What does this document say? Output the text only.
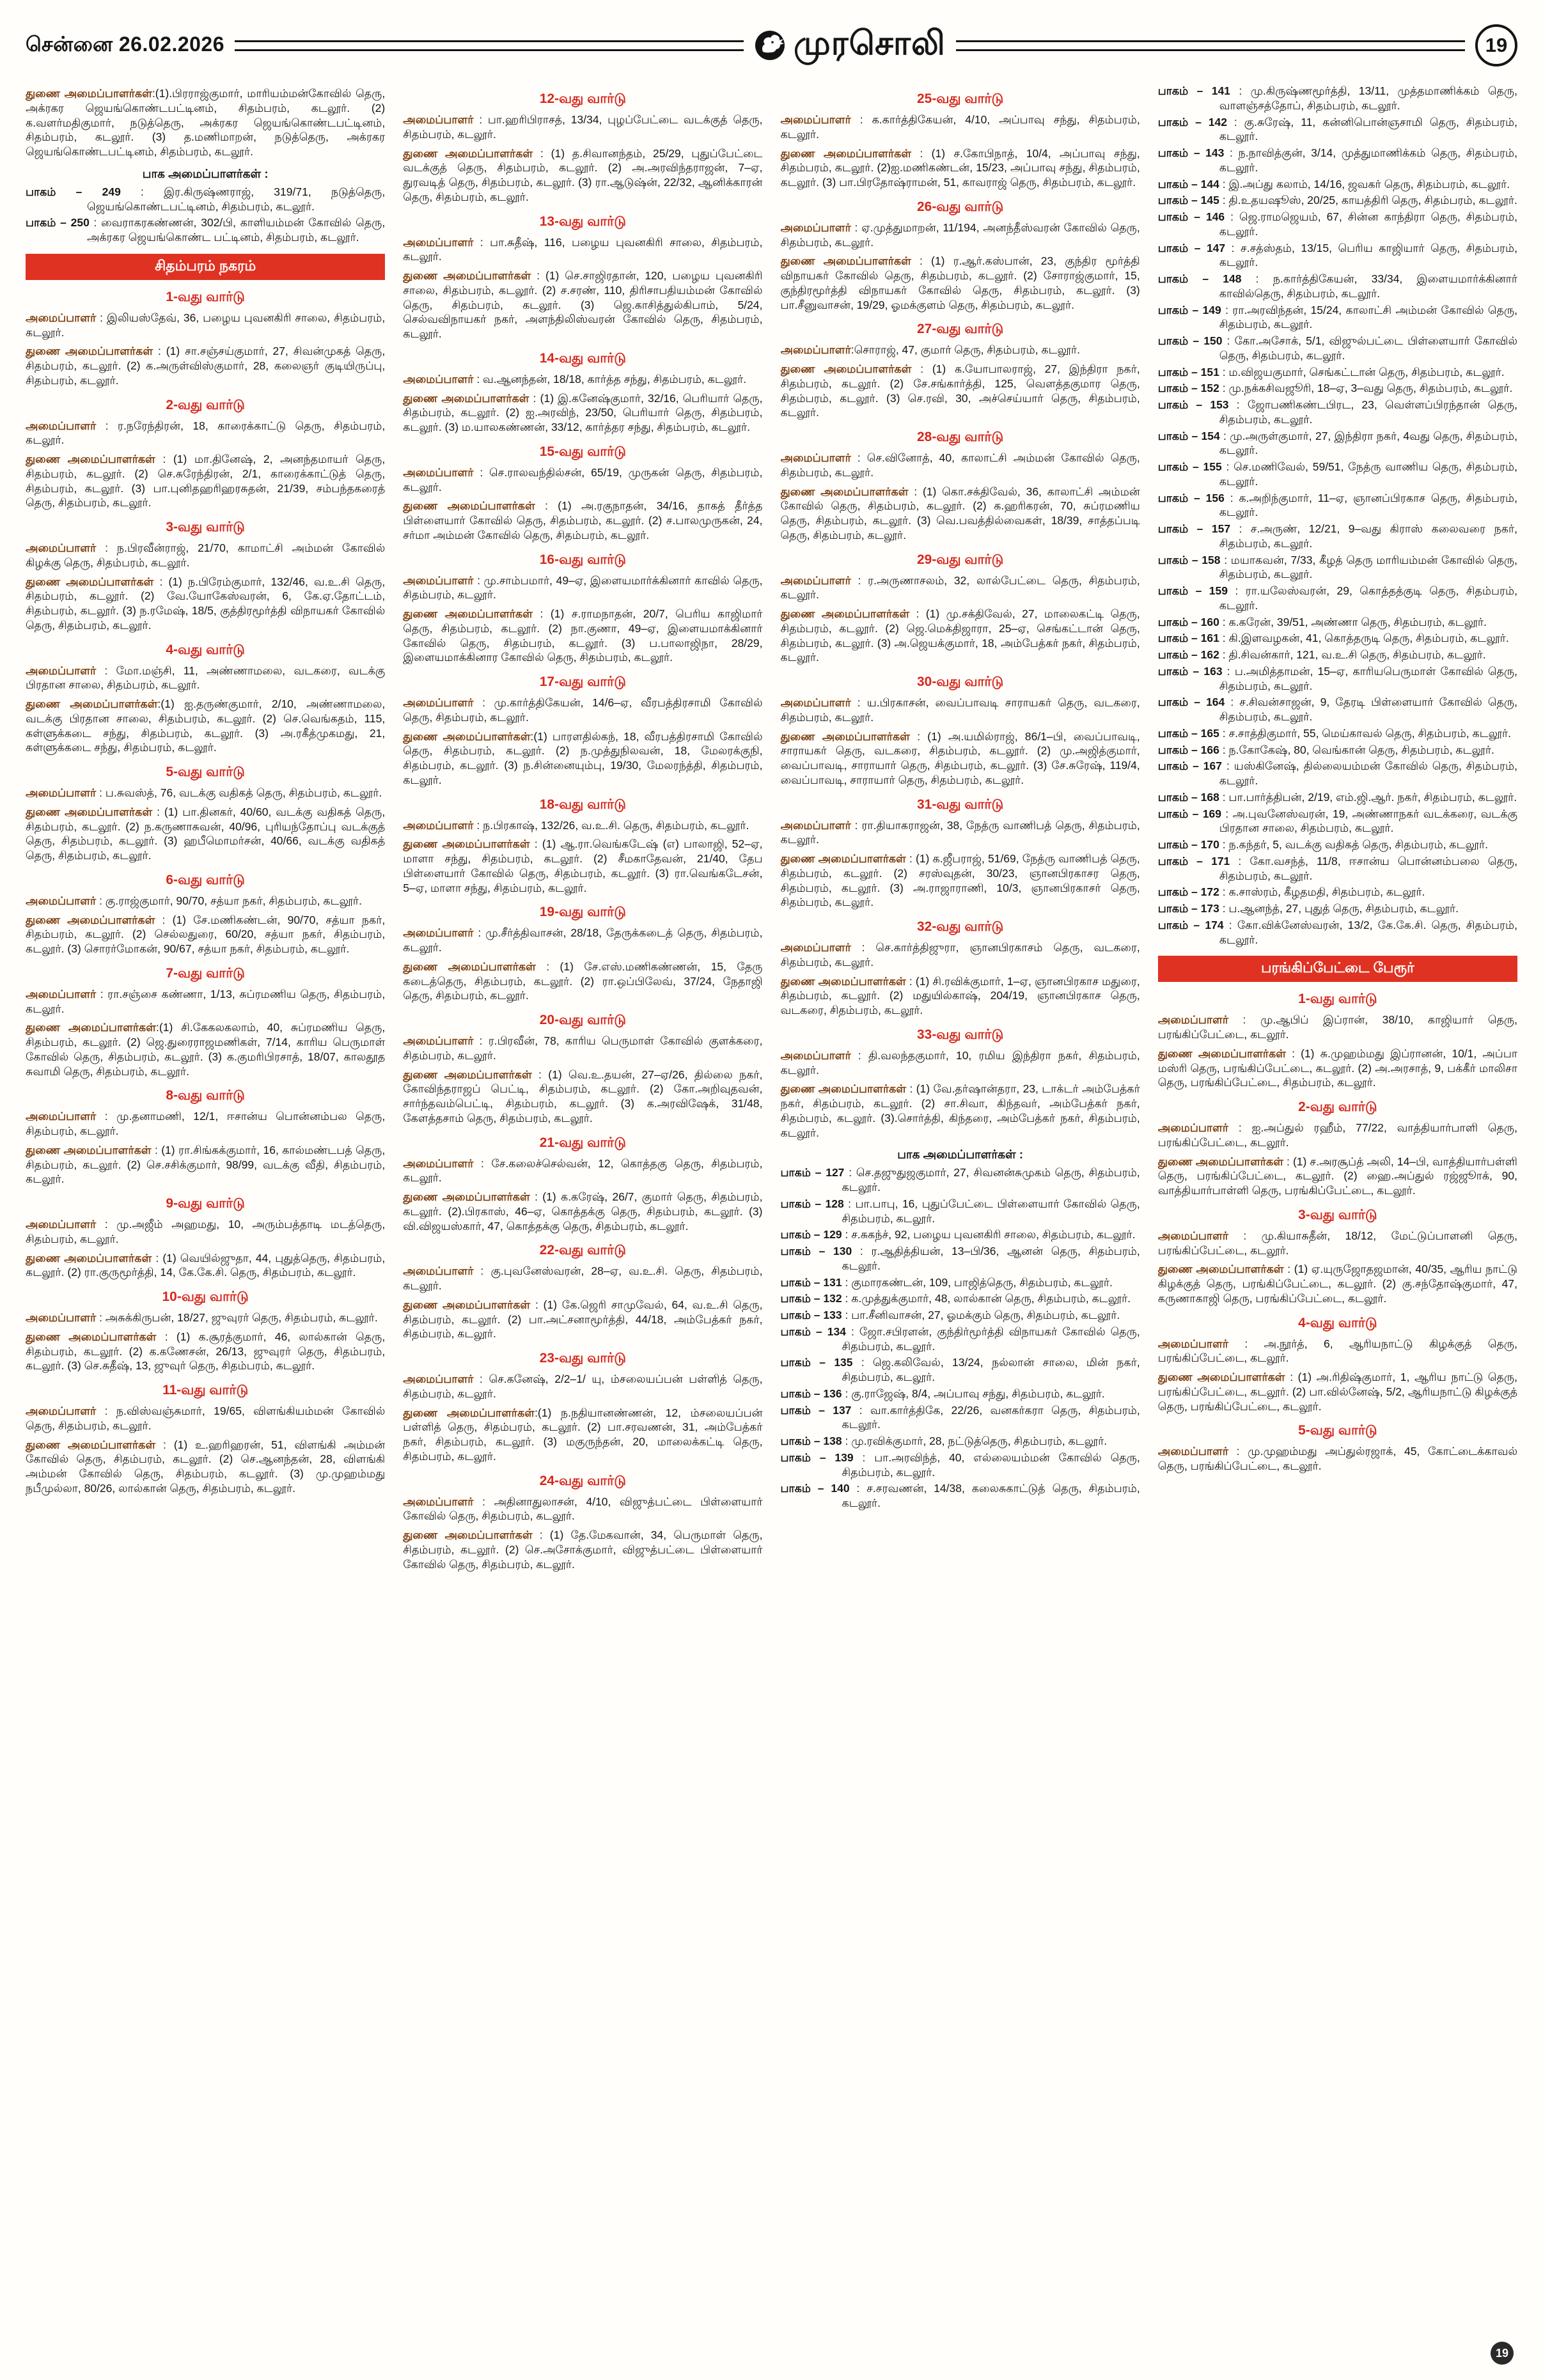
சென்னை 26.02.2026	முரசொலி	19

துணை அமைப்பாளர்கள்:(1).பிரராஜ்குமார், மாரியம்மன்கோவில் தெரு, அக்ரகர ஜெயங்கொண்டபட்டினம், சிதம்பரம், கடலூர். (2) க.வளர்மதிகுமார், நடுத்தெரு, அக்ரகர ஜெயங்கொண்டபட்டினம், சிதம்பரம், கடலூர். (3) த.மணிமாறன், நடுத்தெரு, அக்ரகர ஜெயங்கொண்டபட்டினம், சிதம்பரம், கடலூர்.

பாக அமைப்பாளர்கள் :

பாகம் – 249 : இர.கிருஷ்ணராஜ், 319/71, நடுத்தெரு, ஜெயங்கொண்டபட்டினம், சிதம்பரம், கடலூர்.

பாகம் – 250 : வைராகரகண்ணன், 302/பி, காளியம்மன் கோவில் தெரு, அக்ரகர ஜெயங்கொண்ட பட்டினம், சிதம்பரம், கடலூர்.

சிதம்பரம் நகரம்
1-வது வார்டு

அமைப்பாளர் : இலியஸ்தேவ், 36, பழைய புவனகிரி சாலை, சிதம்பரம், கடலூர்.

துணை அமைப்பாளர்கள் : (1) சா.சஞ்சய்குமார், 27, சிவன்முகத் தெரு, சிதம்பரம், கடலூர். (2) க.அருள்விஸ்குமார், 28, கலைஞர் குடியிருப்பு, சிதம்பரம், கடலூர்.

2-வது வார்டு

அமைப்பாளர் : ர.நரேந்திரன், 18, காரைக்காட்டு தெரு, சிதம்பரம், கடலூர்.

துணை அமைப்பாளர்கள் : (1) மா.தினேஷ், 2, அனந்தமாயர் தெரு, சிதம்பரம், கடலூர். (2) செ.சுரேந்திரன், 2/1, காரைக்காட்டுத் தெரு, சிதம்பரம், கடலூர். (3) பா.புனிதஹரிஹரசுதன், 21/39, சம்பந்தகரைத் தெரு, சிதம்பரம், கடலூர்.

3-வது வார்டு

அமைப்பாளர் : ந.பிரவீன்ராஜ், 21/70, காமாட்சி அம்மன் கோவில் கிழக்கு தெரு, சிதம்பரம், கடலூர்.

துணை அமைப்பாளர்கள் : (1) ந.பிரேம்குமார், 132/46, வ.உ.சி தெரு, சிதம்பரம், கடலூர். (2) வே.யோகேஸ்வரன், 6, கே.ஏ.தோட்டம், சிதம்பரம், கடலூர். (3) ந.ரமேஷ், 18/5, குத்திரமூர்த்தி விநாயகர் கோவில் தெரு, சிதம்பரம், கடலூர்.

4-வது வார்டு

அமைப்பாளர் : மோ.மஞ்சி, 11, அண்ணாமலை, வடகரை, வடக்கு பிரதான சாலை, சிதம்பரம், கடலூர்.

துணை அமைப்பாளர்கள்:(1) ஐ.தருண்குமார், 2/10, அண்ணாமலை, வடக்கு பிரதான சாலை, சிதம்பரம், கடலூர். (2) செ.வெங்கதம், 115, கள்ளுக்கடை சந்து, சிதம்பரம், கடலூர். (3) அ.ரகீத்முகமது, 21, கள்ளுக்கடை சந்து, சிதம்பரம், கடலூர்.

5-வது வார்டு

அமைப்பாளர் : ப.சுவஸ்த், 76, வடக்கு வதிகத் தெரு, சிதம்பரம், கடலூர்.

துணை அமைப்பாளர்கள் : (1) பா.தினகர், 40/60, வடக்கு வதிகத் தெரு, சிதம்பரம், கடலூர். (2) ந.கருணாசுவன், 40/96, புரியந்தோப்பு வடக்குத் தெரு, சிதம்பரம், கடலூர். (3) ஹபீமொமர்சன், 40/66, வடக்கு வதிகத் தெரு, சிதம்பரம், கடலூர்.

6-வது வார்டு

அமைப்பாளர் : கு.ராஜ்குமார், 90/70, சத்யா நகர், சிதம்பரம், கடலூர்.

துணை அமைப்பாளர்கள் : (1) சே.மணிகண்டன், 90/70, சத்யா நகர், சிதம்பரம், கடலூர். (2) செல்லதுரை, 60/20, சத்யா நகர், சிதம்பரம், கடலூர். (3) சொரர்மோகன், 90/67, சத்யா நகர், சிதம்பரம், கடலூர்.

7-வது வார்டு

அமைப்பாளர் : ரா.சஞ்சை கண்ணா, 1/13, சுப்ரமணிய தெரு, சிதம்பரம், கடலூர்.

துணை அமைப்பாளர்கள்:(1) சி.கேகலகலாம், 40, சுப்ரமணிய தெரு, சிதம்பரம், கடலூர். (2) ஜெ.துரைராஜமணிகள், 7/14, காரிய பெருமாள் கோவில் தெரு, சிதம்பரம், கடலூர். (3) க.குமரிபிரசாத், 18/07, காலதூத சுவாமி தெரு, சிதம்பரம், கடலூர்.

8-வது வார்டு

அமைப்பாளர் : மு.தனாமணி, 12/1, ஈசான்ய பொன்னம்பல தெரு, சிதம்பரம், கடலூர்.

துணை அமைப்பாளர்கள் : (1) ரா.சிங்கக்குமார், 16, கால்மண்டபத் தெரு, சிதம்பரம், கடலூர். (2) செ.சசிக்குமார், 98/99, வடக்கு வீதி, சிதம்பரம், கடலூர்.

9-வது வார்டு

அமைப்பாளர் : மு.அஜீம் அஹமது, 10, அரும்பத்தாடி மடத்தெரு, சிதம்பரம், கடலூர்.

துணை அமைப்பாளர்கள் : (1) வெயில்ஜுதா, 44, புதுத்தெரு, சிதம்பரம், கடலூர். (2) ரா.குருமூர்த்தி, 14, கே.கே.சி. தெரு, சிதம்பரம், கடலூர்.

10-வது வார்டு

அமைப்பாளர் : அசுக்கிருபன், 18/27, ஜுவுரர் தெரு, சிதம்பரம், கடலூர்.

துணை அமைப்பாளர்கள் : (1) க.சூரத்குமார், 46, லால்கான் தெரு, சிதம்பரம், கடலூர். (2) க.கணேசன், 26/13, ஜுவுரர் தெரு, சிதம்பரம், கடலூர். (3) செ.சுதீஷ், 13, ஜுவுர் தெரு, சிதம்பரம், கடலூர்.

11-வது வார்டு

அமைப்பாளர் : ந.விஸ்வஞ்சுமார், 19/65, விளங்கியம்மன் கோவில் தெரு, சிதம்பரம், கடலூர்.

துணை அமைப்பாளர்கள் : (1) உ.ஹரிஹரன், 51, விளங்கி அம்மன் கோவில் தெரு, சிதம்பரம், கடலூர். (2) செ.ஆனந்தன், 28, விளங்கி அம்மன் கோவில் தெரு, சிதம்பரம், கடலூர். (3) மு.முஹம்மது நபீமுல்லா, 80/26, லால்கான் தெரு, சிதம்பரம், கடலூர்.

12-வது வார்டு

அமைப்பாளர் : பா.ஹரிபிராசத், 13/34, புழப்பேட்டை வடக்குத் தெரு, சிதம்பரம், கடலூர்.

துணை அமைப்பாளர்கள் : (1) த.சிவானந்தம், 25/29, புதுப்பேட்டை வடக்குத் தெரு, சிதம்பரம், கடலூர். (2) அ.அரவிந்தராஜன், 7–ஏ, துரவடித் தெரு, சிதம்பரம், கடலூர். (3) ரா.ஆடுஷ்ன், 22/32, ஆனிக்காரன் தெரு, சிதம்பரம், கடலூர்.

13-வது வார்டு

அமைப்பாளர் : பா.சுதீஷ், 116, பழைய புவனகிரி சாலை, சிதம்பரம், கடலூர்.

துணை அமைப்பாளர்கள் : (1) செ.சாஜிரதான், 120, பழைய புவனகிரி சாலை, சிதம்பரம், கடலூர். (2) ச.சரண், 110, திரிசாபதியம்மன் கோவில் தெரு, சிதம்பரம், கடலூர். (3) ஜெ.காசித்துல்கிபாம், 5/24, செல்வவிநாயகர் நகர், அளந்திலிஸ்வரன் கோவில் தெரு, சிதம்பரம், கடலூர்.

14-வது வார்டு

அமைப்பாளர் : வ.ஆனந்தன், 18/18, கார்த்த சந்து, சிதம்பரம், கடலூர்.

துணை அமைப்பாளர்கள் : (1) இ.கனேஷ்குமார், 32/16, பெரியார் தெரு, சிதம்பரம், கடலூர். (2) ஐ.அரவிந், 23/50, பெரியார் தெரு, சிதம்பரம், கடலூர். (3) ம.யாலகண்ணன், 33/12, கார்த்தர சந்து, சிதம்பரம், கடலூர்.

15-வது வார்டு

அமைப்பாளர் : செ.ராலவந்தில்சன், 65/19, முருகன் தெரு, சிதம்பரம், கடலூர்.

துணை அமைப்பாளர்கள் : (1) அ.ரகுநாதன், 34/16, தாகத் தீர்த்த பிள்ளையார் கோவில் தெரு, சிதம்பரம், கடலூர். (2) ச.பாலமுருகன், 24, சர்மா அம்மன் கோவில் தெரு, சிதம்பரம், கடலூர்.

16-வது வார்டு

அமைப்பாளர் : மு.சாம்பமார், 49–ஏ, இளையமார்க்கினார் காவில் தெரு, சிதம்பரம், கடலூர்.

துணை அமைப்பாளர்கள் : (1) ச.ராமநாதன், 20/7, பெரிய காஜிமார் தெரு, சிதம்பரம், கடலூர். (2) நா.குணா, 49–ஏ, இளையமாக்கினார் கோவில் தெரு, சிதம்பரம், கடலூர். (3) ப.பாலாஜிநா, 28/29, இளையமாக்கினார கோவில் தெரு, சிதம்பரம், கடலூர்.

17-வது வார்டு

அமைப்பாளர் : மு.கார்த்திகேயன், 14/6–ஏ, வீரபத்திரசாமி கோவில் தெரு, சிதம்பரம், கடலூர்.

துணை அமைப்பாளர்கள்:(1) பாரளதில்கந், 18, வீரபத்திரசாமி கோவில் தெரு, சிதம்பரம், கடலூர். (2) ந.முத்துநிலவன், 18, மேலரக்குநி, சிதம்பரம், கடலூர். (3) ந.சின்னையும்பு, 19/30, மேலரந்த்தி, சிதம்பரம், கடலூர்.

18-வது வார்டு

அமைப்பாளர் : ந.பிரகாஷ், 132/26, வ.உ.சி. தெரு, சிதம்பரம், கடலூர்.

துணை அமைப்பாளர்கள் : (1) ஆ.ரா.வெங்கடேஷ் (எ) பாலாஜி, 52–ஏ, மாளா சந்து, சிதம்பரம், கடலூர். (2) சீமகாதேவன், 21/40, தேப பிள்ளையார் கோவில் தெரு, சிதம்பரம், கடலூர். (3) ரா.வெங்கடேசன், 5–ஏ, மாளா சந்து, சிதம்பரம், கடலூர்.

19-வது வார்டு

அமைப்பாளர் : மு.சீர்த்திவாசன், 28/18, தேருக்கடைத் தெரு, சிதம்பரம், கடலூர்.

துணை அமைப்பாளர்கள் : (1) சே.எஸ்.மணிகண்ணன், 15, தேரு கடைத்தெரு, சிதம்பரம், கடலூர். (2) ரா.ஒப்பிலேவ், 37/24, நேதாஜி தெரு, சிதம்பரம், கடலூர்.

20-வது வார்டு

அமைப்பாளர் : ர.பிரவீன், 78, காரிய பெருமாள் கோவில் குளக்கரை, சிதம்பரம், கடலூர்.

துணை அமைப்பாளர்கள் : (1) வெ.உ.தயன், 27–ஏ/26, தில்லை நகர், கோவிந்தராஜப் பெட்டி, சிதம்பரம், கடலூர். (2) கோ.அறிவுதவன், சார்ந்தவம்பெட்டி, சிதம்பரம், கடலூர். (3) க.அரவிஷேக், 31/48, கேளத்தசாம் தெரு, சிதம்பரம், கடலூர்.

21-வது வார்டு

அமைப்பாளர் : சே.கலைச்செல்வன், 12, கொத்தகு தெரு, சிதம்பரம், கடலூர்.

துணை அமைப்பாளர்கள் : (1) க.கரேஷ், 26/7, குமார் தெரு, சிதம்பரம், கடலூர். (2).பிரகாஸ், 46–ஏ, கொத்தக்கு தெரு, சிதம்பரம், கடலூர். (3) வி.விஜயஸ்கார், 47, கொத்தக்கு தெரு, சிதம்பரம், கடலூர்.

22-வது வார்டு

அமைப்பாளர் : கு.புவனேஸ்வரன், 28–ஏ, வ.உ.சி. தெரு, சிதம்பரம், கடலூர்.

துணை அமைப்பாளர்கள் : (1) கே.ஜெரி சாமுவேல், 64, வ.உ.சி தெரு, சிதம்பரம், கடலூர். (2) பா.அட்சனாமூர்த்தி, 44/18, அம்பேத்கர் நகர், சிதம்பரம், கடலூர்.

23-வது வார்டு

அமைப்பாளர் : செ.கனேஷ், 2/2–1/ யு, ம்சலையப்பன் பள்ளித் தெரு, சிதம்பரம், கடலூர்.

துணை அமைப்பாளர்கள்:(1) ந.நதியானண்ணன், 12, ம்சலையப்பன் பள்ளித் தெரு, சிதம்பரம், கடலூர். (2) பா.சரவணன், 31, அம்பேத்கர் நகர், சிதம்பரம், கடலூர். (3) மகுருந்தன், 20, மாலைக்கட்டி தெரு, சிதம்பரம், கடலூர்.

24-வது வார்டு

அமைப்பாளர் : அதினாதுலாசன், 4/10, விஜுத்பட்டை பிள்ளையார் கோவில் தெரு, சிதம்பரம், கடலூர்.

துணை அமைப்பாளர்கள் : (1) தே.மேகவான், 34, பெருமாள் தெரு, சிதம்பரம், கடலூர். (2) செ.அசோக்குமார், விஜுத்பட்டை பிள்ளையார் கோவில் தெரு, சிதம்பரம், கடலூர்.

25-வது வார்டு

அமைப்பாளர் : க.கார்த்திகேயன், 4/10, அப்பாவு சந்து, சிதம்பரம், கடலூர்.

துணை அமைப்பாளர்கள் : (1) ச.கோபிநாத், 10/4, அப்பாவு சந்து, சிதம்பரம், கடலூர். (2)ஐ.மணிகண்டன், 15/23, அப்பாவு சந்து, சிதம்பரம், கடலூர். (3) பா.பிரதோஷ்ராமன், 51, காவராஜ் தெரு, சிதம்பரம், கடலூர்.

26-வது வார்டு

அமைப்பாளர் : ஏ.முத்துமாறன், 11/194, அனந்தீஸ்வரன் கோவில் தெரு, சிதம்பரம், கடலூர்.

துணை அமைப்பாளர்கள் : (1) ர.ஆர்.கஸ்பான், 23, குந்திர மூர்த்தி விநாயகர் கோவில் தெரு, சிதம்பரம், கடலூர். (2) சோராஜ்குமார், 15, குந்திரமூர்த்தி விநாயகர் கோவில் தெரு, சிதம்பரம், கடலூர். (3) பா.சீனுவாசன், 19/29, ஓமக்குளம் தெரு, சிதம்பரம், கடலூர்.

27-வது வார்டு

அமைப்பாளர்:சொராஜ், 47, குமார் தெரு, சிதம்பரம், கடலூர்.

துணை அமைப்பாளர்கள் : (1) க.யோபாலராஜ், 27, இந்திரா நகர், சிதம்பரம், கடலூர். (2) சே.சங்கார்த்தி, 125, வெளத்தகுமார தெரு, சிதம்பரம், கடலூர். (3) செ.ரவி, 30, அச்செய்யார் தெரு, சிதம்பரம், கடலூர்.

28-வது வார்டு

அமைப்பாளர் : செ.வினோத், 40, காலாட்சி அம்மன் கோவில் தெரு, சிதம்பரம், கடலூர்.

துணை அமைப்பாளர்கள் : (1) கொ.சக்திவேல், 36, காலாட்சி அம்மன் கோவில் தெரு, சிதம்பரம், கடலூர். (2) க.ஹரிகரன், 70, சுப்ரமணிய தெரு, சிதம்பரம், கடலூர். (3) வெ.பவத்தில்வைகள், 18/39, சாத்தப்படி தெரு, சிதம்பரம், கடலூர்.

29-வது வார்டு

அமைப்பாளர் : ர.அருணாசலம், 32, லால்பேட்டை தெரு, சிதம்பரம், கடலூர்.

துணை அமைப்பாளர்கள் : (1) மு.சக்திவேல், 27, மாலைகட்டி தெரு, சிதம்பரம், கடலூர். (2) ஜெ.மெக்திஜாரா, 25–ஏ, செங்கட்டான் தெரு, சிதம்பரம், கடலூர். (3) அ.ஜெயக்குமார், 18, அம்பேத்கர் நகர், சிதம்பரம், கடலூர்.

30-வது வார்டு

அமைப்பாளர் : ய.பிரகாசன், வைப்பாவடி சாராயகர் தெரு, வடகரை, சிதம்பரம், கடலூர்.

துணை அமைப்பாளர்கள் : (1) அ.யமில்ராஜ், 86/1–பி, வைப்பாவடி, சாராயகர் தெரு, வடகரை, சிதம்பரம், கடலூர். (2) மு.அஜித்குமார், வைப்பாவடி, சாராயார் தெரு, சிதம்பரம், கடலூர். (3) சே.சுரேஷ், 119/4, வைப்பாவடி, சாராயார் தெரு, சிதம்பரம், கடலூர்.

31-வது வார்டு

அமைப்பாளர் : ரா.தியாகராஜன், 38, நேத்ரு வாணிபத் தெரு, சிதம்பரம், கடலூர்.

துணை அமைப்பாளர்கள் : (1) க.ஜீபராஜ், 51/69, நேத்ரு வாணிபத் தெரு, சிதம்பரம், கடலூர். (2) சரஸ்வுதன், 30/23, ஞானபிரகாசர தெரு, சிதம்பரம், கடலூர். (3) அ.ராஜாராணி, 10/3, ஞானபிரகாசர் தெரு, சிதம்பரம், கடலூர்.

32-வது வார்டு

அமைப்பாளர் : செ.கார்த்திஜுரா, ஞானபிரகாசம் தெரு, வடகரை, சிதம்பரம், கடலூர்.

துணை அமைப்பாளர்கள் : (1) சி.ரவிக்குமார், 1–ஏ, ஞானபிரகாச மதுரை, சிதம்பரம், கடலூர். (2) மதுயில்காஷ், 204/19, ஞானபிரகாச தெரு, வடகரை, சிதம்பரம், கடலூர்.

33-வது வார்டு

அமைப்பாளர் : தி.வலந்தகுமார், 10, ரமிய இந்திரா நகர், சிதம்பரம், கடலூர்.

துணை அமைப்பாளர்கள் : (1) வே.தர்ஷான்தரா, 23, டாக்டர் அம்பேத்கர் நகர், சிதம்பரம், கடலூர். (2) சா.சிவா, கிந்தவர், அம்பேத்கர் நகர், சிதம்பரம், கடலூர். (3).சொர்த்தி, கிந்தரை, அம்பேத்கர் நகர், சிதம்பரம், கடலூர்.

பாக அமைப்பாளர்கள் :

பாகம் – 127 : செ.தஜுதுஜகுமார், 27, சிவனன்சுமுகம் தெரு, சிதம்பரம், கடலூர்.

பாகம் – 128 : பா.பாபு, 16, புதுப்பேட்டை பிள்ளையார் கோவில் தெரு, சிதம்பரம், கடலூர்.

பாகம் – 129 : ச.சுகந்ச், 92, பழைய புவனகிரி சாலை, சிதம்பரம், கடலூர்.

பாகம் – 130 : ர.ஆதித்தியன், 13–பி/36, ஆனன் தெரு, சிதம்பரம், கடலூர்.

பாகம் – 131 : குமாரகண்டன், 109, பாஜித்தெரு, சிதம்பரம், கடலூர்.

பாகம் – 132 : க.முத்துக்குமார், 48, லால்கான் தெரு, சிதம்பரம், கடலூர்.

பாகம் – 133 : பா.சீனிவாசன், 27, ஓமக்கும் தெரு, சிதம்பரம், கடலூர்.

பாகம் – 134 : ஜோ.சபிரளன், குந்திர்மூர்த்தி விநாயகர் கோவில் தெரு, சிதம்பரம், கடலூர்.

பாகம் – 135 : ஜெ.கலிவேல், 13/24, நல்லான் சாலை, மின் நகர், சிதம்பரம், கடலூர்.

பாகம் – 136 : கு.ராஜேஷ், 8/4, அப்பாவு சந்து, சிதம்பரம், கடலூர்.

பாகம் – 137 : வா.கார்த்திகே, 22/26, வனகர்கரா தெரு, சிதம்பரம், கடலூர்.

பாகம் – 138 : மு.ரவிக்குமார், 28, நட்டுத்தெரு, சிதம்பரம், கடலூர்.

பாகம் – 139 : பா.அரவிந்த், 40, எல்லையம்மன் கோவில் தெரு, சிதம்பரம், கடலூர்.

பாகம் – 140 : ச.சரவணன், 14/38, கலைசுகாட்டுத் தெரு, சிதம்பரம், கடலூர்.

பாகம் – 141 : மு.கிருஷ்ணமூர்த்தி, 13/11, முத்தமாணிக்கம் தெரு, வாளஞ்சத்தோப், சிதம்பரம், கடலூர்.

பாகம் – 142 : கு.சுரேஷ், 11, கன்னிபொன்ஞசாமி தெரு, சிதம்பரம், கடலூர்.

பாகம் – 143 : ந.நாவித்குன், 3/14, முத்துமாணிக்கம் தெரு, சிதம்பரம், கடலூர்.

பாகம் – 144 : இ.அப்து கலாம், 14/16, ஜவகர் தெரு, சிதம்பரம், கடலூர்.

பாகம் – 145 : தி.உதயஷூஸ், 20/25, காயத்திரி தெரு, சிதம்பரம், கடலூர்.

பாகம் – 146 : ஜெ.ராமஜெயம், 67, சின்ன காந்திரா தெரு, சிதம்பரம், கடலூர்.

பாகம் – 147 : ச.சத்ஸ்தம், 13/15, பெரிய காஜியார் தெரு, சிதம்பரம், கடலூர்.

பாகம் – 148 : ந.கார்த்திகேயன், 33/34, இளையமார்க்கினார் காவில்தெரு, சிதம்பரம், கடலூர்.

பாகம் – 149 : ரா.அரவிந்தன், 15/24, காலாட்சி அம்மன் கோவில் தெரு, சிதம்பரம், கடலூர்.

பாகம் – 150 : கோ.அசோக், 5/1, விஜுல்பட்டை பிள்ளையார் கோவில் தெரு, சிதம்பரம், கடலூர்.

பாகம் – 151 : ம.விஜயகுமார், செங்கட்டான் தெரு, சிதம்பரம், கடலூர்.

பாகம் – 152 : மு.நக்கசிவஜூரி, 18–ஏ, 3–வது தெரு, சிதம்பரம், கடலூர்.

பாகம் – 153 : ஜோபணிகண்டபிரட, 23, வெள்ளப்பிரந்தான் தெரு, சிதம்பரம், கடலூர்.

பாகம் – 154 : மு.அருள்குமார், 27, இந்திரா நகர், 4வது தெரு, சிதம்பரம், கடலூர்.

பாகம் – 155 : செ.மணிவேல், 59/51, நேத்ரு வாணிய தெரு, சிதம்பரம், கடலூர்.

பாகம் – 156 : க.அறிந்குமார், 11–ஏ, ஞானப்பிரகாச தெரு, சிதம்பரம், கடலூர்.

பாகம் – 157 : ச.அருண், 12/21, 9–வது கிராஸ் கலைவரை நகர், சிதம்பரம், கடலூர்.

பாகம் – 158 : மயாகவன், 7/33, கீழத் தெரு மாரியம்மன் கோவில் தெரு, சிதம்பரம், கடலூர்.

பாகம் – 159 : ரா.யலேஸ்வரன், 29, கொத்தத்குடி தெரு, சிதம்பரம், கடலூர்.

பாகம் – 160 : க.கரேன், 39/51, அண்ணா தெரு, சிதம்பரம், கடலூர்.

பாகம் – 161 : கி.இளவழகன், 41, கொத்தருடி தெரு, சிதம்பரம், கடலூர்.

பாகம் – 162 : தி.சிவன்கார், 121, வ.உ.சி தெரு, சிதம்பரம், கடலூர்.

பாகம் – 163 : ப.அமித்தாமன், 15–ஏ, காரியபெருமாள் கோவில் தெரு, சிதம்பரம், கடலூர்.

பாகம் – 164 : ச.சிவன்சாஜன், 9, தேரடி பிள்ளையார் கோவில் தெரு, சிதம்பரம், கடலூர்.

பாகம் – 165 : ச.சாத்திகுமார், 55, மெய்காவல் தெரு, சிதம்பரம், கடலூர்.

பாகம் – 166 : ந.கோகேஷ், 80, வெங்கான் தெரு, சிதம்பரம், கடலூர்.

பாகம் – 167 : யஸ்கினேஷ், தில்லையம்மன் கோவில் தெரு, சிதம்பரம், கடலூர்.

பாகம் – 168 : பா.பார்த்திபன், 2/19, எம்.ஜி.ஆர். நகர், சிதம்பரம், கடலூர்.

பாகம் – 169 : அ.புவனேஸ்வரன், 19, அண்ணாநகர் வடக்கரை, வடக்கு பிரதான சாலை, சிதம்பரம், கடலூர்.

பாகம் – 170 : ந.கந்தர், 5, வடக்கு வதிகத் தெரு, சிதம்பரம், கடலூர்.

பாகம் – 171 : கோ.வசந்த், 11/8, ஈசான்ய பொன்னம்பலை தெரு, சிதம்பரம், கடலூர்.

பாகம் – 172 : க.சாஸ்ரம், கீழதமதி, சிதம்பரம், கடலூர்.

பாகம் – 173 : ப.ஆனந்த், 27, புதுத் தெரு, சிதம்பரம், கடலூர்.

பாகம் – 174 : கோ.விக்னேஸ்வரன், 13/2, கே.கே.சி. தெரு, சிதம்பரம், கடலூர்.

பரங்கிப்பேட்டை பேரூர்
1-வது வார்டு

அமைப்பாளர் : மு.ஆபிப் இப்ரான், 38/10, காஜியார் தெரு, பரங்கிப்பேட்டை, கடலூர்.

துணை அமைப்பாளர்கள் : (1) சு.முஹம்மது இப்ரானன், 10/1, அப்பா மஸ்ரி தெரு, பரங்கிப்பேட்டை, கடலூர். (2) அ.அரசாத், 9, பக்கீர் மாலிசா தெரு, பரங்கிப்பேட்டை, சிதம்பரம், கடலூர்.

2-வது வார்டு

அமைப்பாளர் : ஐ.அப்துல் ரஹீம், 77/22, வாத்தியார்பாளி தெரு, பரங்கிப்பேட்டை, கடலூர்.

துணை அமைப்பாளர்கள் : (1) ச.அரசூப்த் அலி, 14–பி, வாத்தியார்பள்ளி தெரு, பரங்கிப்பேட்டை, கடலூர். (2) ஹை.அப்துல் ரஜ்ஜூாக், 90, வாத்தியார்பாள்ளி தெரு, பரங்கிப்பேட்டை, கடலூர்.

3-வது வார்டு

அமைப்பாளர் : மு.கியாசுதீன், 18/12, மேட்டுப்பாளனி தெரு, பரங்கிப்பேட்டை, கடலூர்.

துணை அமைப்பாளர்கள் : (1) ஏ.யுருஜோதஜமான், 40/35, ஆரிய நாட்டு கிழக்குத் தெரு, பரங்கிப்பேட்டை, கடலூர். (2) கு.சந்தோஷ்குமார், 47, கருணாகாஜி தெரு, பரங்கிப்பேட்டை, கடலூர்.

4-வது வார்டு

அமைப்பாளர் : அ.நூர்த், 6, ஆரியநாட்டு கிழக்குத் தெரு, பரங்கிப்பேட்டை, கடலூர்.

துணை அமைப்பாளர்கள் : (1) அ.ரிதிஷ்குமார், 1, ஆரிய நாட்டு தெரு, பரங்கிப்பேட்டை, கடலூர். (2) பா.வில்னேஷ், 5/2, ஆரியநாட்டு கிழக்குத் தெரு, பரங்கிப்பேட்டை, கடலூர்.

5-வது வார்டு

அமைப்பாளர் : மு.முஹம்மது அப்துல்ரஜாக், 45, கோட்டைக்காவல் தெரு, பரங்கிப்பேட்டை, கடலூர்.

19
